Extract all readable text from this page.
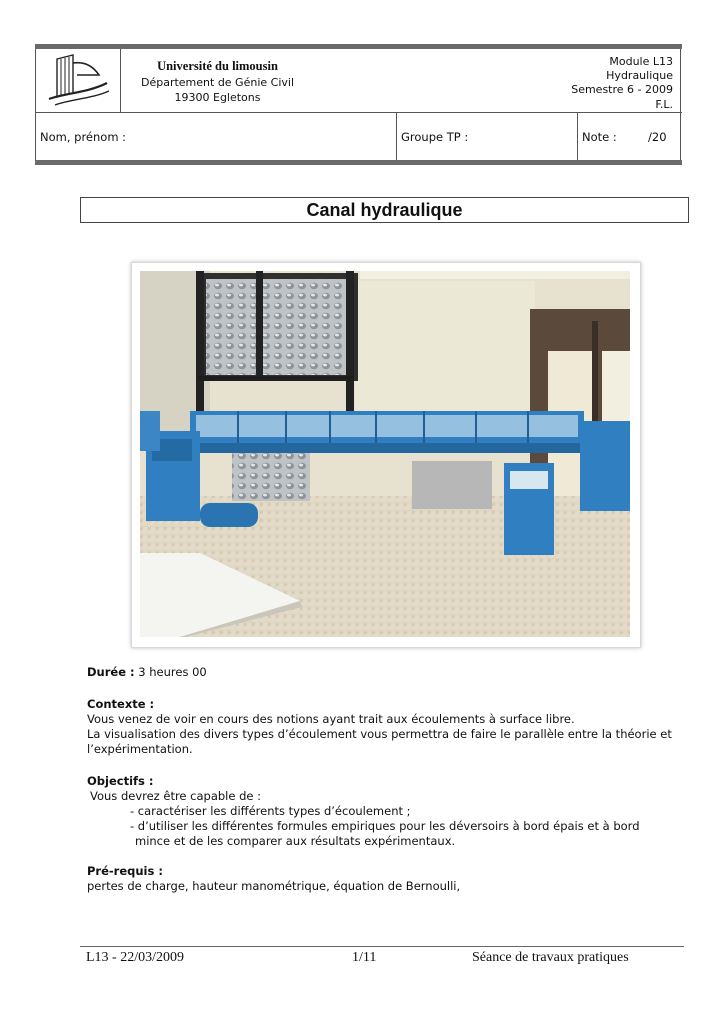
Université du limousin
Département de Génie Civil
19300 Egletons
Module L13
Hydraulique
Semestre 6 - 2009
F.L.
Nom, prénom :	Groupe TP :	Note :	/20
Canal hydraulique
Durée : 3 heures 00
Contexte :
Vous venez de voir en cours des notions ayant trait aux écoulements à surface libre.
La visualisation des divers types d’écoulement vous permettra de faire le parallèle entre la théorie et
l’expérimentation.
Objectifs :
Vous devrez être capable de :
- caractériser les différents types d’écoulement ;
- d’utiliser les différentes formules empiriques pour les déversoirs à bord épais et à bord
mince et de les comparer aux résultats expérimentaux.
Pré-requis :
pertes de charge, hauteur manométrique, équation de Bernoulli,
L13 - 22/03/2009	1/11	Séance de travaux pratiques
